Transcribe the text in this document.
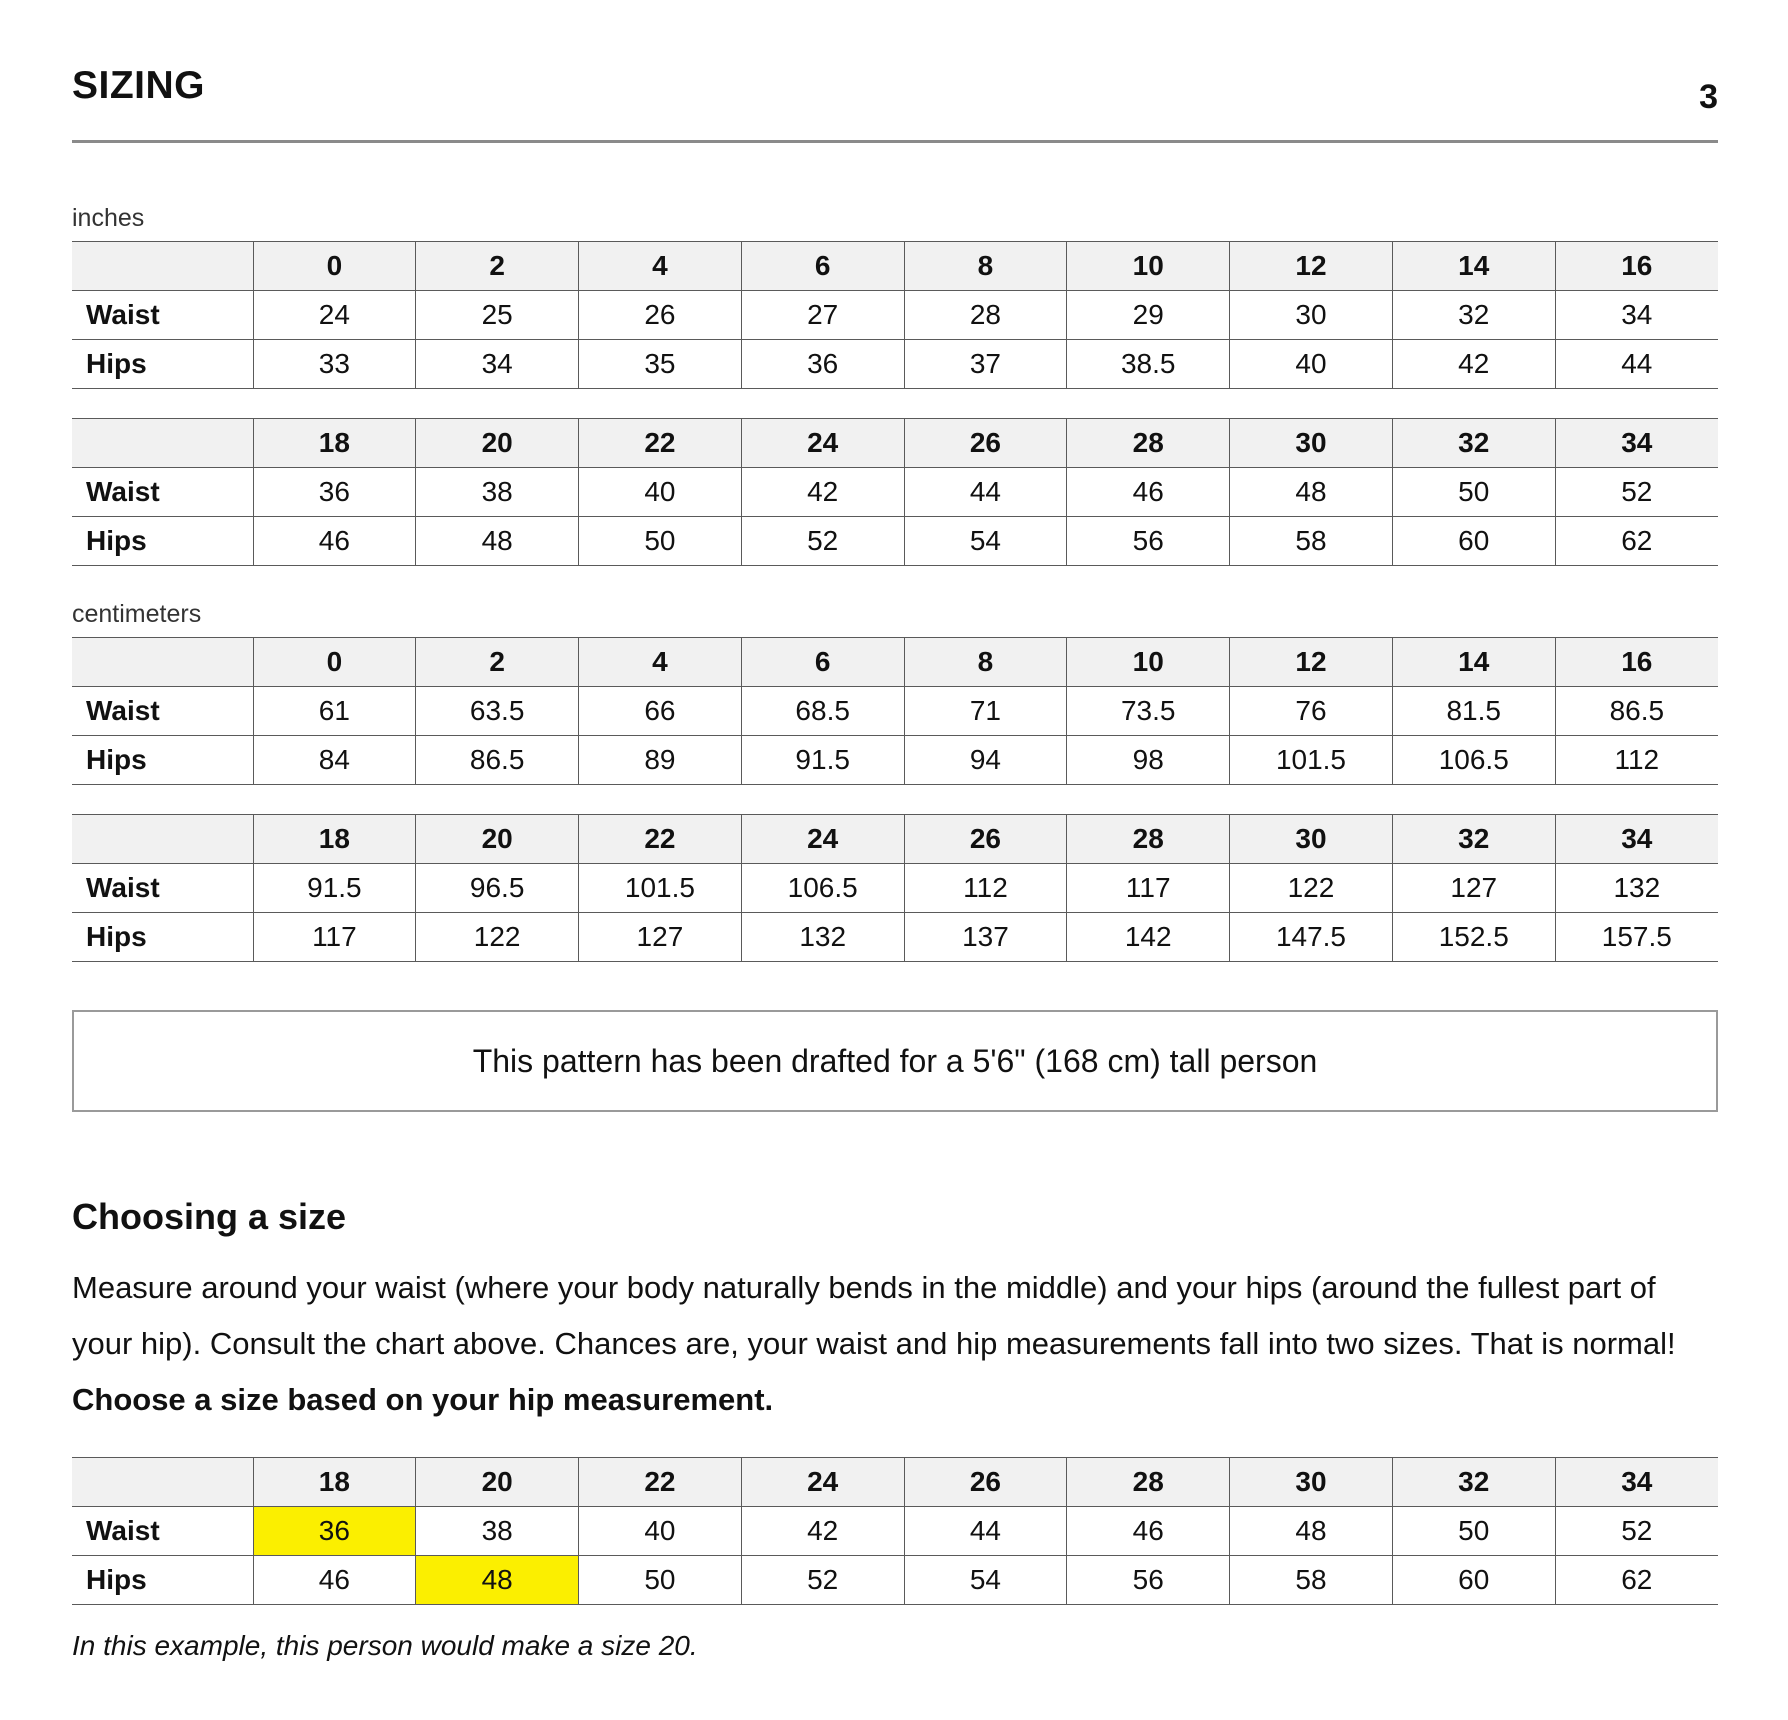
SIZING	3
inches
	0	2	4	6	8	10	12	14	16
Waist	24	25	26	27	28	29	30	32	34
Hips	33	34	35	36	37	38.5	40	42	44
	18	20	22	24	26	28	30	32	34
Waist	36	38	40	42	44	46	48	50	52
Hips	46	48	50	52	54	56	58	60	62
centimeters
	0	2	4	6	8	10	12	14	16
Waist	61	63.5	66	68.5	71	73.5	76	81.5	86.5
Hips	84	86.5	89	91.5	94	98	101.5	106.5	112
	18	20	22	24	26	28	30	32	34
Waist	91.5	96.5	101.5	106.5	112	117	122	127	132
Hips	117	122	127	132	137	142	147.5	152.5	157.5
This pattern has been drafted for a 5'6" (168 cm) tall person
Choosing a size

Measure around your waist (where your body naturally bends in the middle) and your hips (around the fullest part of your hip). Consult the chart above. Chances are, your waist and hip measurements fall into two sizes. That is normal! Choose a size based on your hip measurement.

	18	20	22	24	26	28	30	32	34
Waist	36	38	40	42	44	46	48	50	52
Hips	46	48	50	52	54	56	58	60	62
In this example, this person would make a size 20.
